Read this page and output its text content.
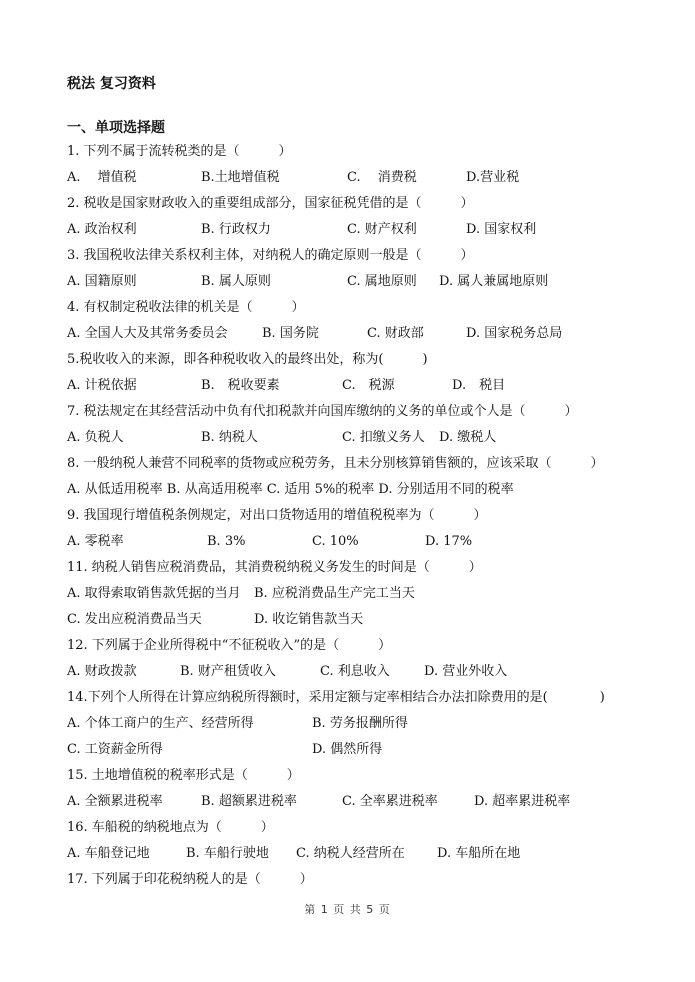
税法 复习资料
一、单项选择题
1. 下列不属于流转税类的是（　　　）
A.　 增值税	B.土地增值税	C.　 消费税	D.营业税
2. 税收是国家财政收入的重要组成部分，国家征税凭借的是（　　　）
A. 政治权利	B. 行政权力	C. 财产权利	D. 国家权利
3. 我国税收法律关系权利主体，对纳税人的确定原则一般是（　　　）
A. 国籍原则	B. 属人原则	C. 属地原则 D. 属人兼属地原则
4. 有权制定税收法律的机关是（　　　）
A. 全国人大及其常务委员会	B. 国务院	C. 财政部	D. 国家税务总局
5.税收收入的来源，即各种税收收入的最终出处，称为(　　　)
A. 计税依据	B.　税收要素	C.　税源	D.　税目
7. 税法规定在其经营活动中负有代扣税款并向国库缴纳的义务的单位或个人是（　　　）
A. 负税人	B. 纳税人	C. 扣缴义务人 D. 缴税人
8. 一般纳税人兼营不同税率的货物或应税劳务，且未分别核算销售额的，应该采取（　　　）
A. 从低适用税率 B. 从高适用税率 C. 适用 5%的税率 D. 分别适用不同的税率
9. 我国现行增值税条例规定，对出口货物适用的增值税税率为（　　　）
A. 零税率	B. 3%	C. 10%	D. 17%
11. 纳税人销售应税消费品，其消费税纳税义务发生的时间是（　　　）
A. 取得索取销售款凭据的当月 B. 应税消费品生产完工当天
C. 发出应税消费品当天	D. 收讫销售款当天
12. 下列属于企业所得税中“不征税收入”的是（　　　）
A. 财政拨款	B. 财产租赁收入	C. 利息收入	D. 营业外收入
14.下列个人所得在计算应纳税所得额时，采用定额与定率相结合办法扣除费用的是(　　　　)
A. 个体工商户的生产、经营所得	B. 劳务报酬所得
C. 工资薪金所得	D. 偶然所得
15. 土地增值税的税率形式是（　　　）
A. 全额累进税率	B. 超额累进税率	C. 全率累进税率	D. 超率累进税率
16. 车船税的纳税地点为（　　　）
A. 车船登记地	B. 车船行驶地 C. 纳税人经营所在 D. 车船所在地
17. 下列属于印花税纳税人的是（　　　）
第 1 页 共 5 页
